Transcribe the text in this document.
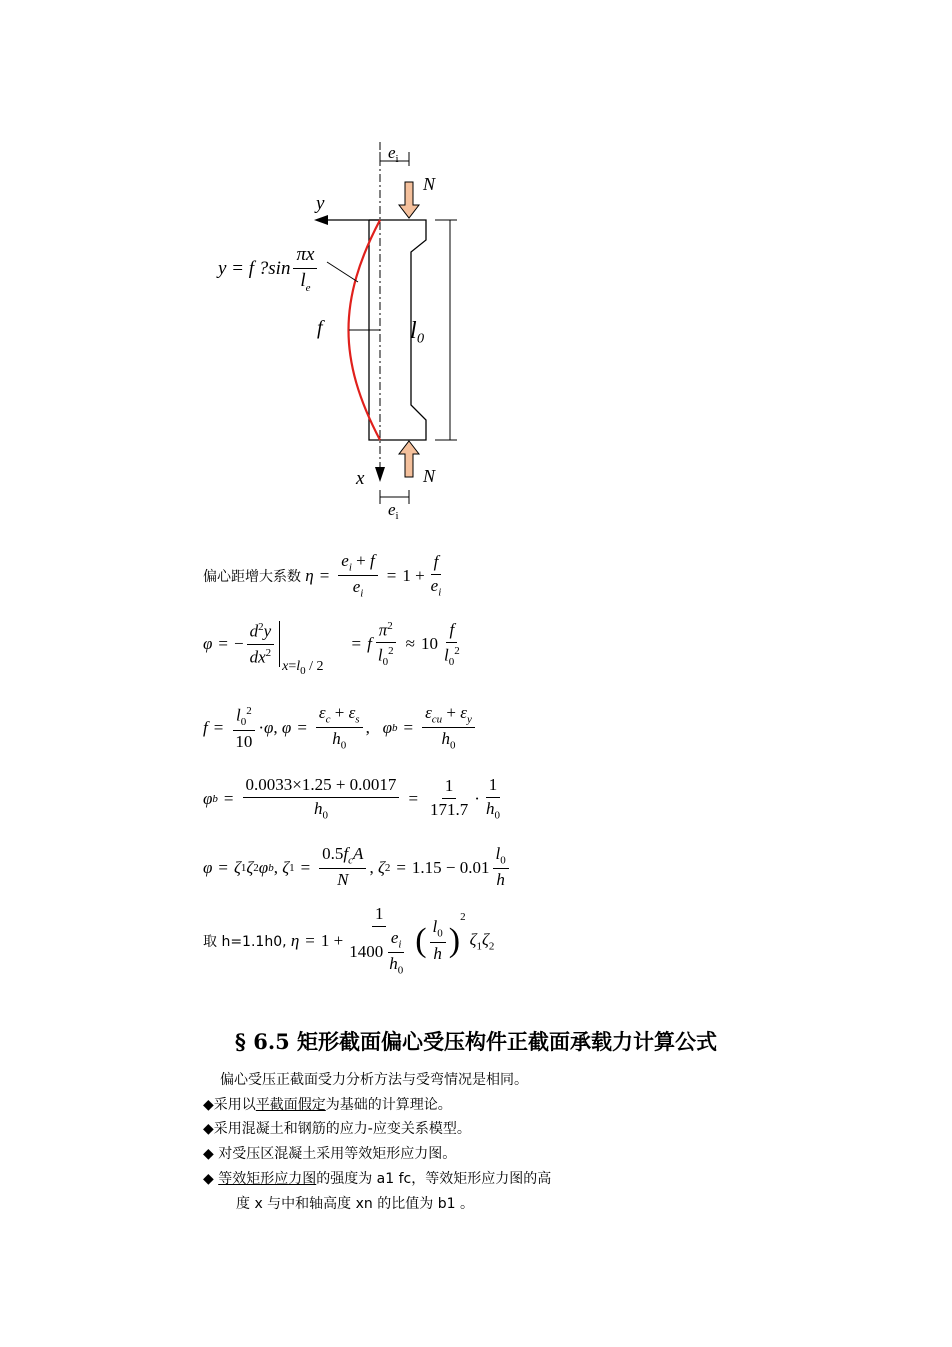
$e_i$
N
y
N
x
$e_i$
y = f ?sin $\frac{\pi x}{l_e}$
f	l₀
偏心距增大系数 $\eta = \frac{e_i + f}{e_i} = 1 + \frac{f}{e_i}$
φ = − $\frac{d^2y}{dx^2} x=l_0 / 2$
= f $\frac{\pi^2}{l_0^2} \approx 10 \frac{f}{l_0^2}$
$f = \frac{l_0^2}{10} \cdot \varphi$ , $\varphi = \frac{\varepsilon_c + \varepsilon_s}{h_0}$ , φ $b = \frac{\varepsilon_{cu} + \varepsilon_y}{h_0}$
φ $b = \frac{0.0033\times 1.25 + 0.0017}{h_0} = \frac{1}{171.7} \cdot \frac{1}{h_0}$
φ = ζ 1 ζ 2 φ b , ζ $1 = \frac{0.5f_cA}{N}$ , ζ $2 = 1.15 - 0.01 \frac{l_0}{h}$
取 h=1.1h0, $\eta = 1 + \frac{1}{1400 \frac{e_i}{h_0}}$ ( $\frac{l_0}{h}$ )
2
$\zeta_1\zeta_2$
§ 6.5 矩形截面偏心受压构件正截面承载力计算公式
偏心受压正截面受力分析方法与受弯情况是相同。
◆采用以平截面假定为基础的计算理论。
◆采用混凝土和钢筋的应力-应变关系模型。
◆ 对受压区混凝土采用等效矩形应力图。
◆ 等效矩形应力图的强度为 a1 fc，等效矩形应力图的高
度 x 与中和轴高度 xn 的比值为 b1 。
